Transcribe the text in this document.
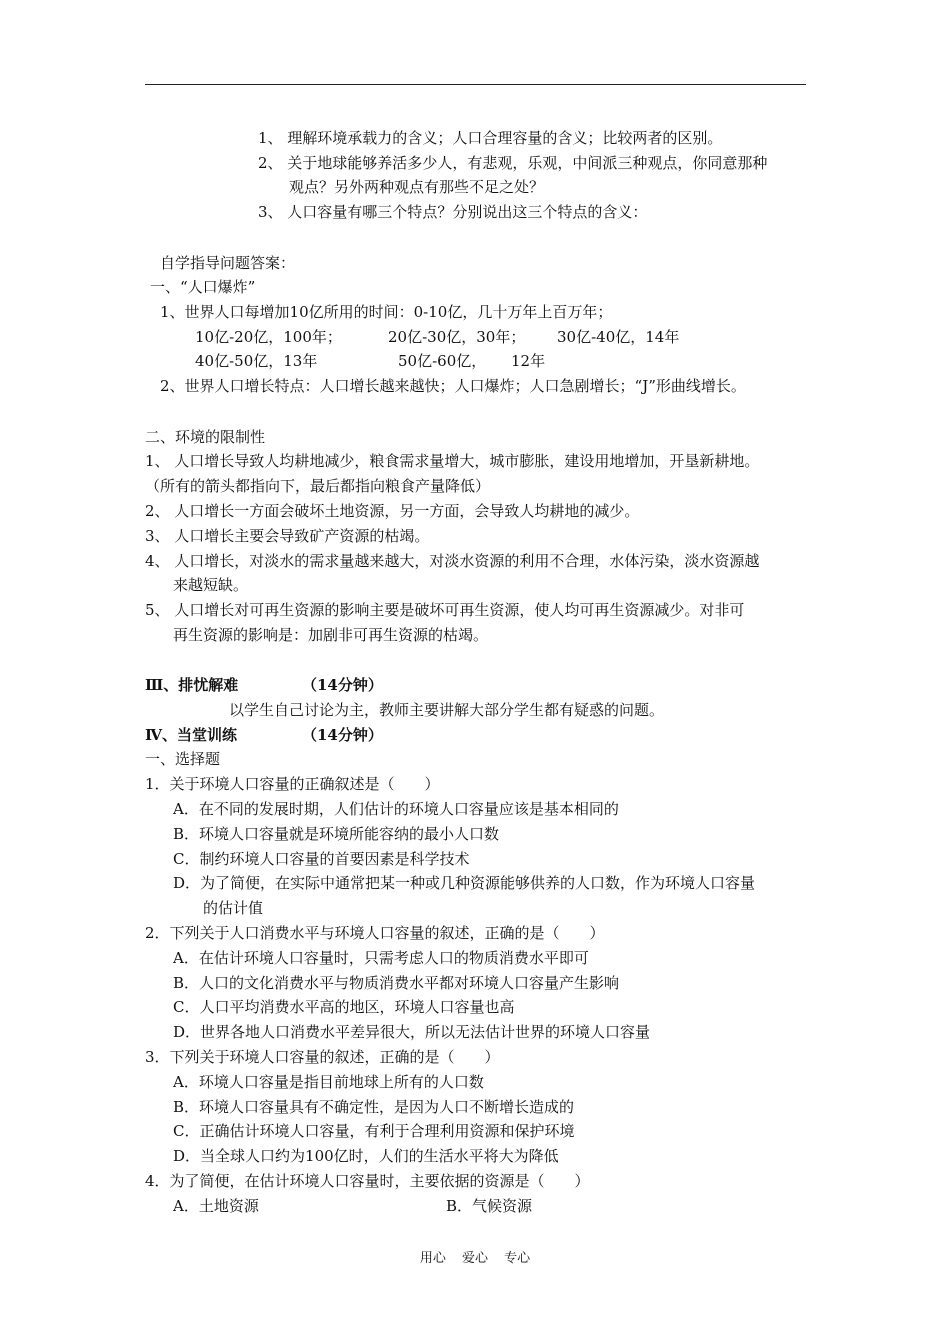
1、 理解环境承载力的含义；人口合理容量的含义；比较两者的区别。
2、 关于地球能够养活多少人，有悲观，乐观，中间派三种观点，你同意那种
观点？另外两种观点有那些不足之处？
3、 人口容量有哪三个特点？分别说出这三个特点的含义：
自学指导问题答案：
一、“人口爆炸”
1、世界人口每增加10亿所用的时间：0-10亿，几十万年上百万年；
10亿-20亿，100年；	20亿-30亿，30年； 30亿-40亿，14年
40亿-50亿，13年	50亿-60亿， 12年
2、世界人口增长特点：人口增长越来越快；人口爆炸；人口急剧增长；“J”形曲线增长。
二、环境的限制性
1、 人口增长导致人均耕地减少，粮食需求量增大，城市膨胀，建设用地增加，开垦新耕地。
（所有的箭头都指向下，最后都指向粮食产量降低）
2、 人口增长一方面会破坏土地资源，另一方面，会导致人均耕地的减少。
3、 人口增长主要会导致矿产资源的枯竭。
4、 人口增长，对淡水的需求量越来越大，对淡水资源的利用不合理，水体污染，淡水资源越
来越短缺。
5、 人口增长对可再生资源的影响主要是破坏可再生资源，使人均可再生资源减少。对非可
再生资源的影响是：加剧非可再生资源的枯竭。
Ⅲ、排忧解难	（14分钟）
以学生自己讨论为主，教师主要讲解大部分学生都有疑惑的问题。
Ⅳ、当堂训练	（14分钟）
一、选择题
1．关于环境人口容量的正确叙述是（　　）
A．在不同的发展时期，人们估计的环境人口容量应该是基本相同的
B．环境人口容量就是环境所能容纳的最小人口数
C．制约环境人口容量的首要因素是科学技术
D．为了简便，在实际中通常把某一种或几种资源能够供养的人口数，作为环境人口容量
的估计值
2．下列关于人口消费水平与环境人口容量的叙述，正确的是（　　）
A．在估计环境人口容量时，只需考虑人口的物质消费水平即可
B．人口的文化消费水平与物质消费水平都对环境人口容量产生影响
C．人口平均消费水平高的地区，环境人口容量也高
D．世界各地人口消费水平差异很大，所以无法估计世界的环境人口容量
3．下列关于环境人口容量的叙述，正确的是（　　）
A．环境人口容量是指目前地球上所有的人口数
B．环境人口容量具有不确定性，是因为人口不断增长造成的
C．正确估计环境人口容量，有利于合理利用资源和保护环境
D．当全球人口约为100亿时，人们的生活水平将大为降低
4．为了简便，在估计环境人口容量时，主要依据的资源是（　　）
A．土地资源	B．气候资源
用心 爱心 专心
